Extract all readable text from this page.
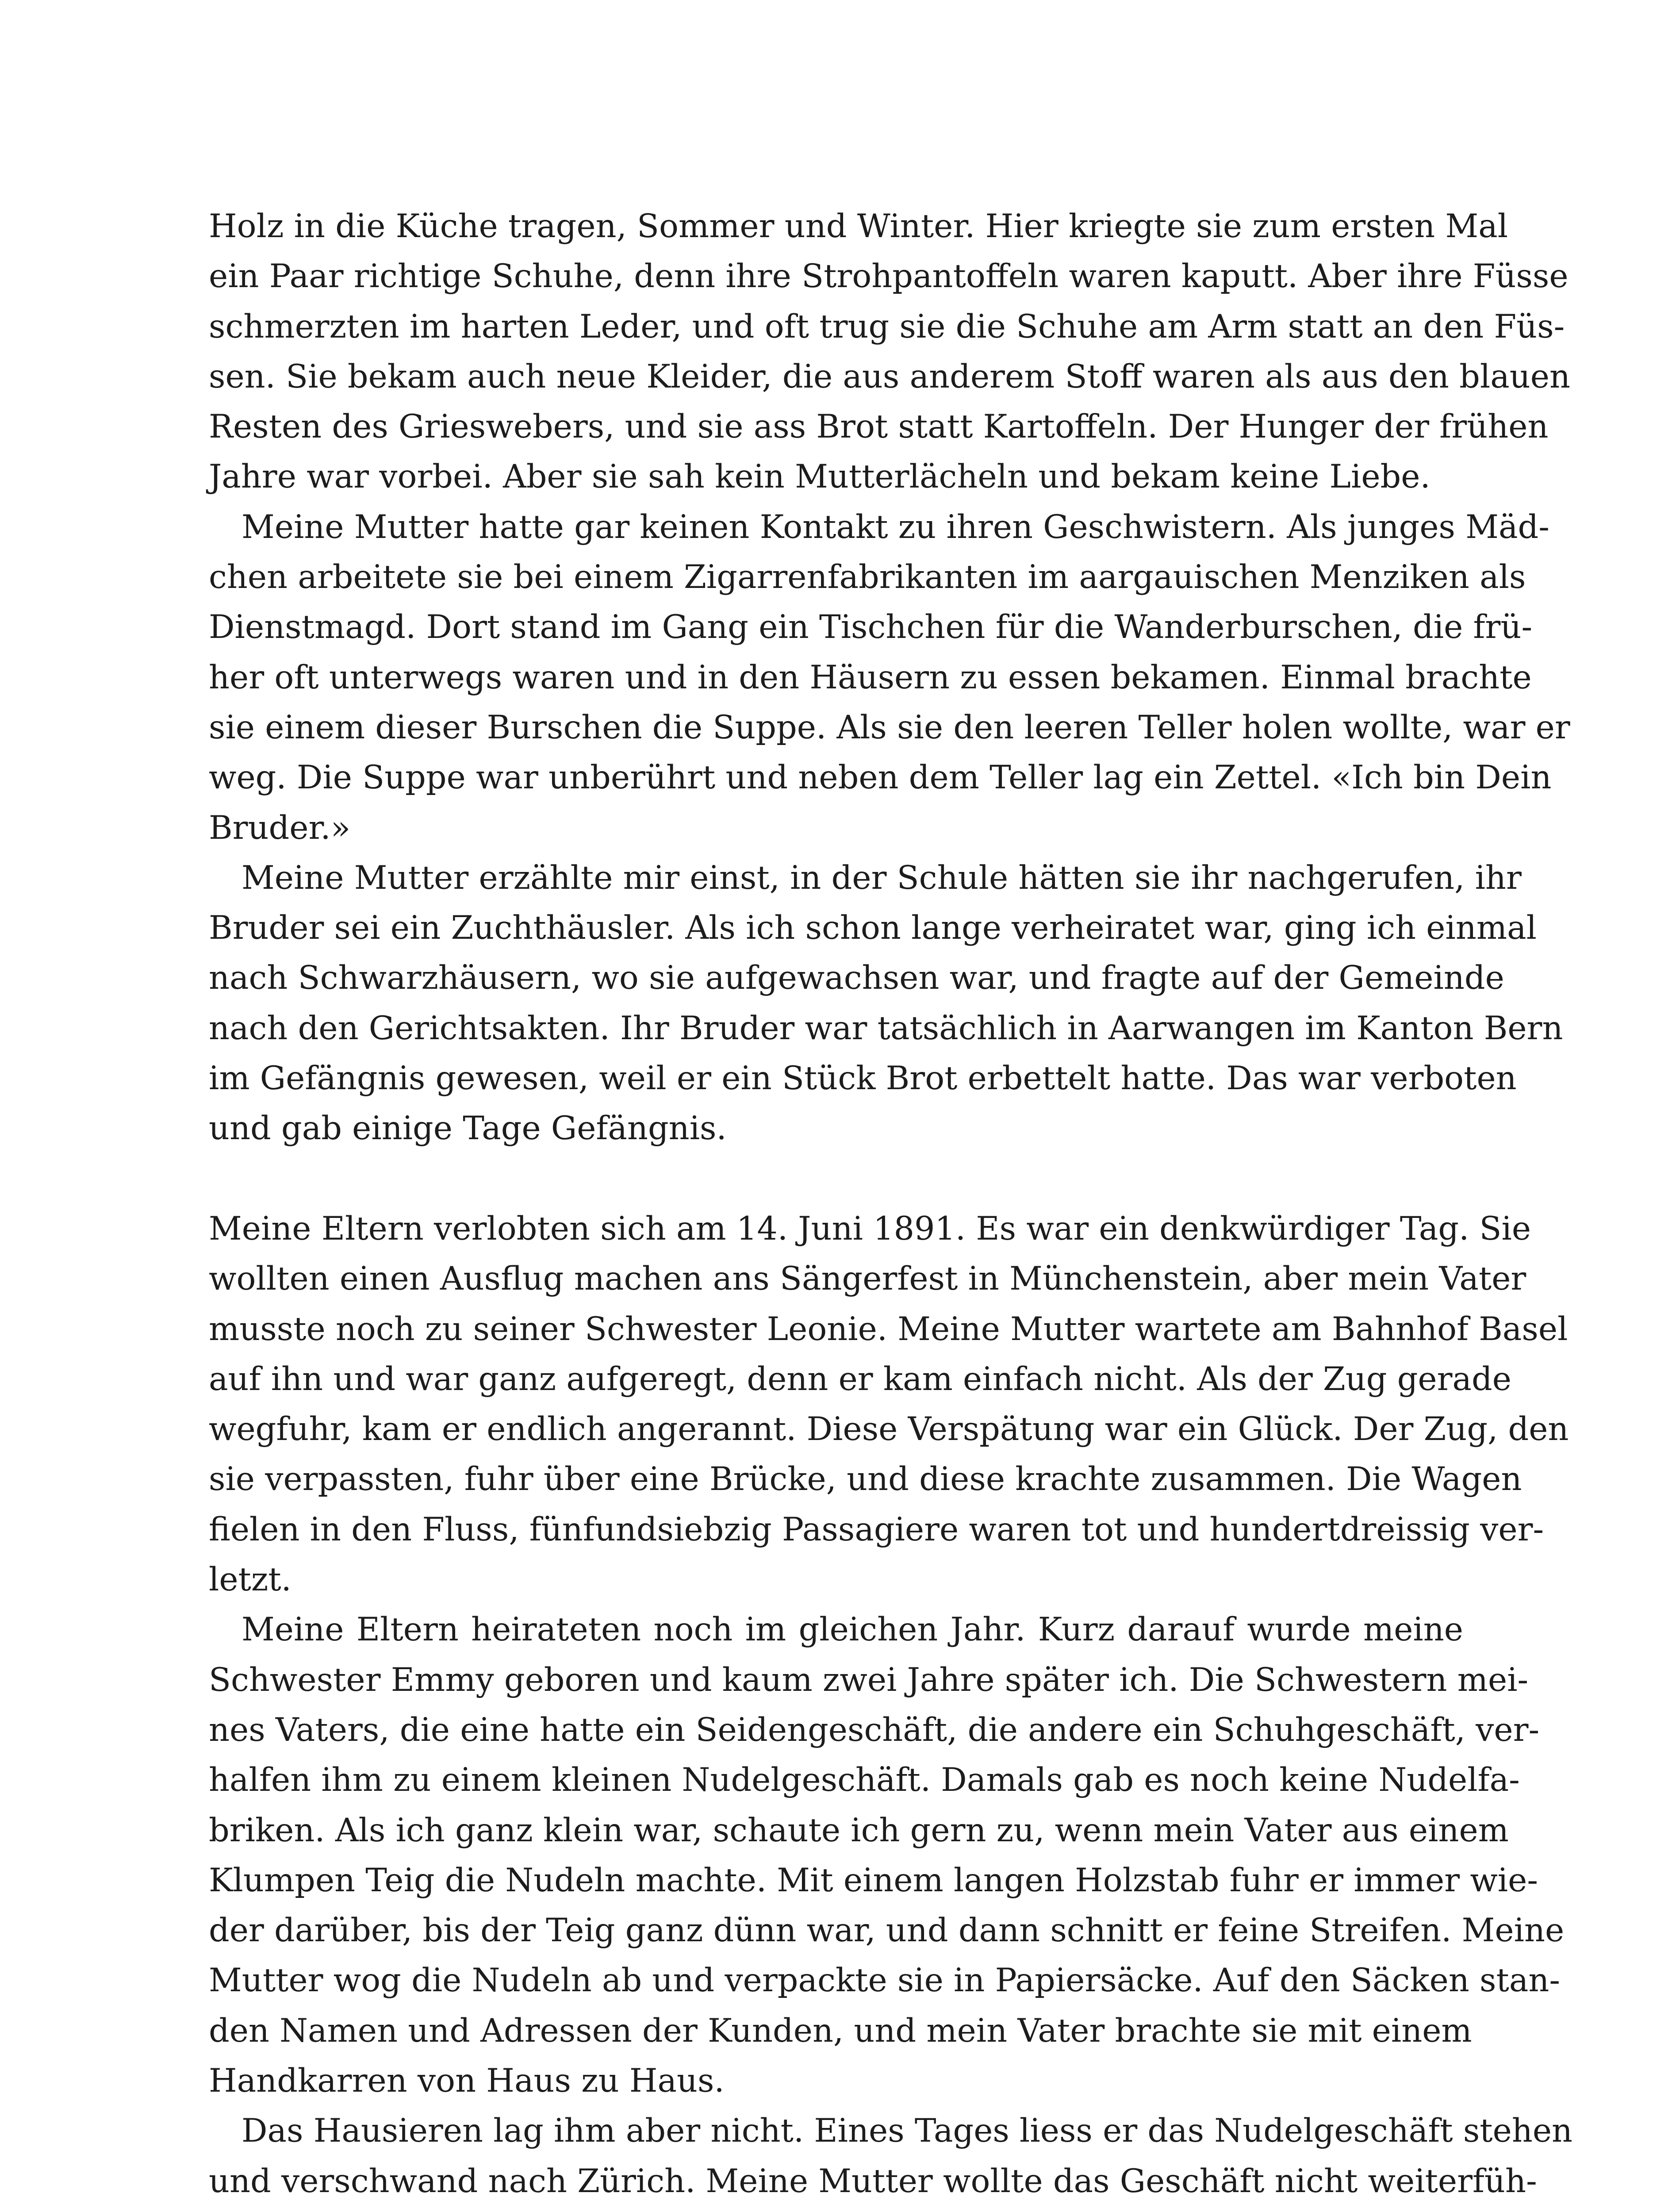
Holz in die Küche tragen, Sommer und Winter. Hier kriegte sie zum ersten Mal
ein Paar richtige Schuhe, denn ihre Strohpantoffeln waren kaputt. Aber ihre Füsse
schmerzten im harten Leder, und oft trug sie die Schuhe am Arm statt an den Füs-
sen. Sie bekam auch neue Kleider, die aus anderem Stoff waren als aus den blauen
Resten des Grieswebers, und sie ass Brot statt Kartoffeln. Der Hunger der frühen
Jahre war vorbei. Aber sie sah kein Mutterlächeln und bekam keine Liebe.
Meine Mutter hatte gar keinen Kontakt zu ihren Geschwistern. Als junges Mäd-
chen arbeitete sie bei einem Zigarrenfabrikanten im aargauischen Menziken als
Dienstmagd. Dort stand im Gang ein Tischchen für die Wanderburschen, die frü-
her oft unterwegs waren und in den Häusern zu essen bekamen. Einmal brachte
sie einem dieser Burschen die Suppe. Als sie den leeren Teller holen wollte, war er
weg. Die Suppe war unberührt und neben dem Teller lag ein Zettel. «Ich bin Dein
Bruder.»
Meine Mutter erzählte mir einst, in der Schule hätten sie ihr nachgerufen, ihr
Bruder sei ein Zuchthäusler. Als ich schon lange verheiratet war, ging ich einmal
nach Schwarzhäusern, wo sie aufgewachsen war, und fragte auf der Gemeinde
nach den Gerichtsakten. Ihr Bruder war tatsächlich in Aarwangen im Kanton Bern
im Gefängnis gewesen, weil er ein Stück Brot erbettelt hatte. Das war verboten
und gab einige Tage Gefängnis.
Meine Eltern verlobten sich am 14. Juni 1891. Es war ein denkwürdiger Tag. Sie
wollten einen Ausflug machen ans Sängerfest in Münchenstein, aber mein Vater
musste noch zu seiner Schwester Leonie. Meine Mutter wartete am Bahnhof Basel
auf ihn und war ganz aufgeregt, denn er kam einfach nicht. Als der Zug gerade
wegfuhr, kam er endlich angerannt. Diese Verspätung war ein Glück. Der Zug, den
sie verpassten, fuhr über eine Brücke, und diese krachte zusammen. Die Wagen
fielen in den Fluss, fünfundsiebzig Passagiere waren tot und hundertdreissig ver-
letzt.
Meine Eltern heirateten noch im gleichen Jahr. Kurz darauf wurde meine
Schwester Emmy geboren und kaum zwei Jahre später ich. Die Schwestern mei-
nes Vaters, die eine hatte ein Seidengeschäft, die andere ein Schuhgeschäft, ver-
halfen ihm zu einem kleinen Nudelgeschäft. Damals gab es noch keine Nudelfa-
briken. Als ich ganz klein war, schaute ich gern zu, wenn mein Vater aus einem
Klumpen Teig die Nudeln machte. Mit einem langen Holzstab fuhr er immer wie-
der darüber, bis der Teig ganz dünn war, und dann schnitt er feine Streifen. Meine
Mutter wog die Nudeln ab und verpackte sie in Papiersäcke. Auf den Säcken stan-
den Namen und Adressen der Kunden, und mein Vater brachte sie mit einem
Handkarren von Haus zu Haus.
Das Hausieren lag ihm aber nicht. Eines Tages liess er das Nudelgeschäft stehen
und verschwand nach Zürich. Meine Mutter wollte das Geschäft nicht weiterfüh-
